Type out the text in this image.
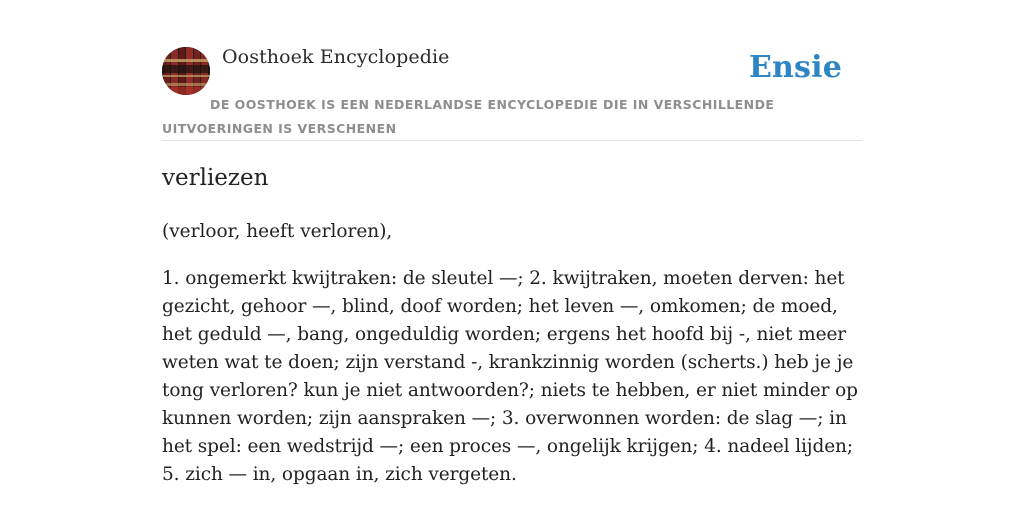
Oosthoek Encyclopedie	Ensie
DE OOSTHOEK IS EEN NEDERLANDSE ENCYCLOPEDIE DIE IN VERSCHILLENDE UITVOERINGEN IS VERSCHENEN
verliezen

(verloor, heeft verloren),

1. ongemerkt kwijtraken: de sleutel —; 2. kwijtraken, moeten derven: het gezicht, gehoor —, blind, doof worden; het leven —, omkomen; de moed, het geduld —, bang, ongeduldig worden; ergens het hoofd bij -, niet meer weten wat te doen; zijn verstand -, krankzinnig worden (scherts.) heb je je tong verloren? kun je niet antwoorden?; niets te hebben, er niet minder op kunnen worden; zijn aanspraken —; 3. overwonnen worden: de slag —; in het spel: een wedstrijd —; een proces —, ongelijk krijgen; 4. nadeel lijden;
5. zich — in, opgaan in, zich vergeten.
